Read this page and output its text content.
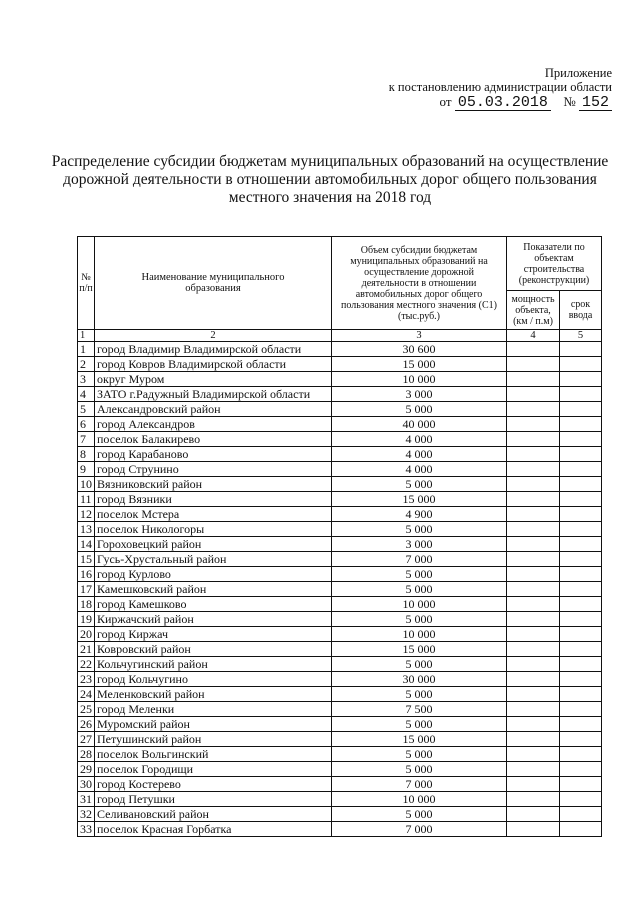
Приложение
к постановлению администрации области
от 05.03.2018 № 152
Распределение субсидии бюджетам муниципальных образований на осуществление
дорожной деятельности в отношении автомобильных дорог общего пользования
местного значения на 2018 год
№ п/п	Наименование муниципального образования	Объем субсидии бюджетам муниципальных образований на осуществление дорожной деятельности в отношении автомобильных дорог общего пользования местного значения (С1) (тыс.руб.)	Показатели по объектам строительства (реконструкции)	
			мощность объекта, (км / п.м)	срок ввода
1	2	3	4	5
1	город Владимир Владимирской области	30 600		
2	город Ковров Владимирской области	15 000		
3	округ Муром	10 000		
4	ЗАТО г.Радужный Владимирской области	3 000		
5	Александровский район	5 000		
6	город Александров	40 000		
7	поселок Балакирево	4 000		
8	город Карабаново	4 000		
9	город Струнино	4 000		
10	Вязниковский район	5 000		
11	город Вязники	15 000		
12	поселок Мстера	4 900		
13	поселок Никологоры	5 000		
14	Гороховецкий район	3 000		
15	Гусь-Хрустальный район	7 000		
16	город Курлово	5 000		
17	Камешковский район	5 000		
18	город Камешково	10 000		
19	Киржачский район	5 000		
20	город Киржач	10 000		
21	Ковровский район	15 000		
22	Кольчугинский район	5 000		
23	город Кольчугино	30 000		
24	Меленковский район	5 000		
25	город Меленки	7 500		
26	Муромский район	5 000		
27	Петушинский район	15 000		
28	поселок Вольгинский	5 000		
29	поселок Городищи	5 000		
30	город Костерево	7 000		
31	город Петушки	10 000		
32	Селивановский район	5 000		
33	поселок Красная Горбатка	7 000		
